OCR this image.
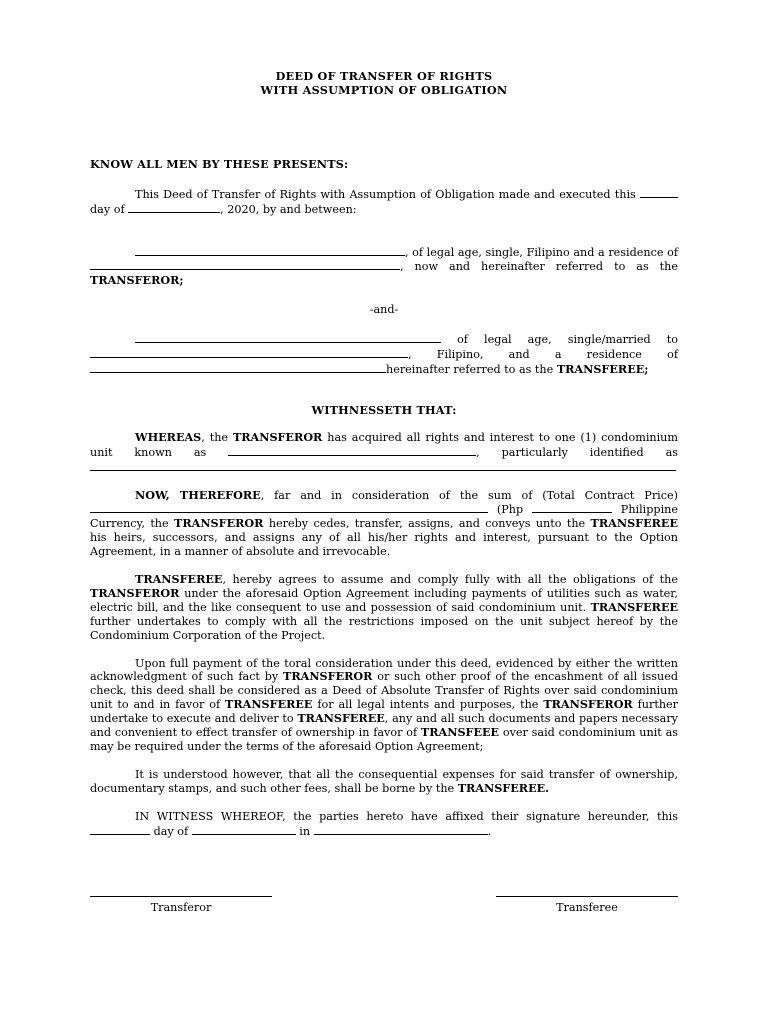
DEED OF TRANSFER OF RIGHTS
WITH ASSUMPTION OF OBLIGATION
KNOW ALL MEN BY THESE PRESENTS:

This Deed of Transfer of Rights with Assumption of Obligation made and executed this  day of	, 2020, by and between:

, of legal age, single, Filipino and a residence of , now and hereinafter referred to as the TRANSFEROR;

-and-

of legal age, single/married to , Filipino, and a residence of hereinafter referred to as the TRANSFEREE;

WITHNESSETH THAT:

WHEREAS, the TRANSFEROR has acquired all rights and interest to one (1) condominium unit known as	, particularly identified as

NOW, THEREFORE, far and in consideration of the sum of (Total Contract Price)  (Php	Philippine Currency, the TRANSFEROR hereby cedes, transfer, assigns, and conveys unto the TRANSFEREE his heirs, successors, and assigns any of all his/her rights and interest, pursuant to the Option Agreement, in a manner of absolute and irrevocable.

TRANSFEREE, hereby agrees to assume and comply fully with all the obligations of the TRANSFEROR under the aforesaid Option Agreement including payments of utilities such as water, electric bill, and the like consequent to use and possession of said condominium unit. TRANSFEREE further undertakes to comply with all the restrictions imposed on the unit subject hereof by the Condominium Corporation of the Project.

Upon full payment of the toral consideration under this deed, evidenced by either the written acknowledgment of such fact by TRANSFEROR or such other proof of the encashment of all issued check, this deed shall be considered as a Deed of Absolute Transfer of Rights over said condominium unit to and in favor of TRANSFEREE for all legal intents and purposes, the TRANSFEROR further undertake to execute and deliver to TRANSFEREE, any and all such documents and papers necessary and convenient to effect transfer of ownership in favor of TRANSFEEE over said condominium unit as may be required under the terms of the aforesaid Option Agreement;

It is understood however, that all the consequential expenses for said transfer of ownership, documentary stamps, and such other fees, shall be borne by the TRANSFEREE.

IN WITNESS WHEREOF, the parties hereto have affixed their signature hereunder, this  day of	in	.

Transferor	Transferee
